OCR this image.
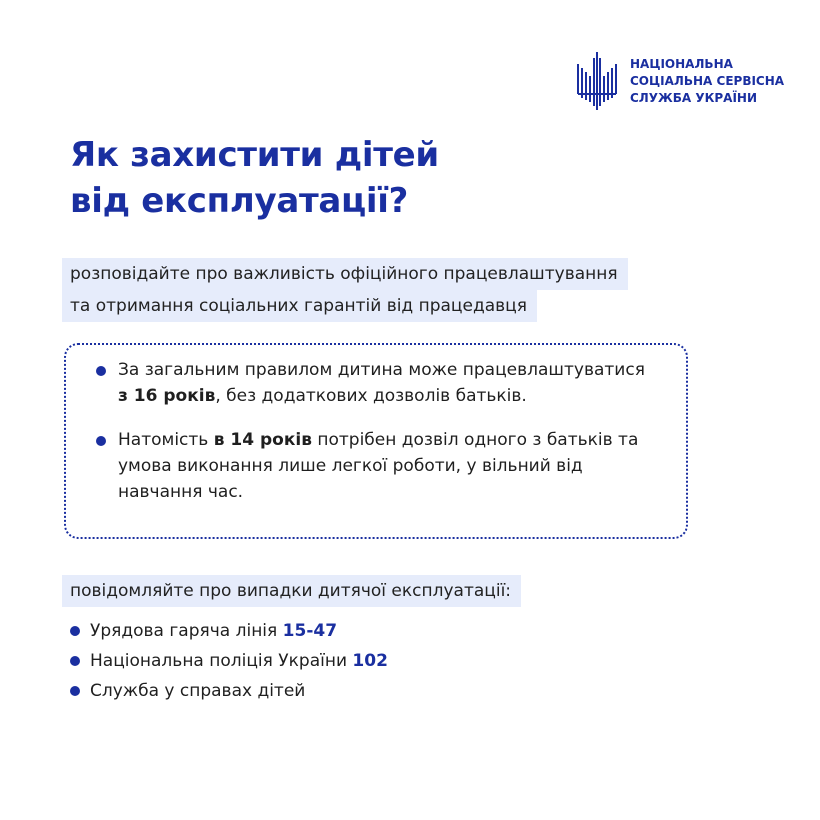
НАЦІОНАЛЬНА
СОЦІАЛЬНА СЕРВІСНА
СЛУЖБА УКРАЇНИ
Як захистити дітей
від експлуатації?
розповідайте про важливість офіційного працевлаштування
та отримання соціальних гарантій від працедавця
За загальним правилом дитина може працевлаштуватися з 16 років, без додаткових дозволів батьків.
Натомість в 14 років потрібен дозвіл одного з батьків та умова виконання лише легкої роботи, у вільний від навчання час.
повідомляйте про випадки дитячої експлуатації:
Урядова гаряча лінія 15-47
Національна поліція України 102
Служба у справах дітей
